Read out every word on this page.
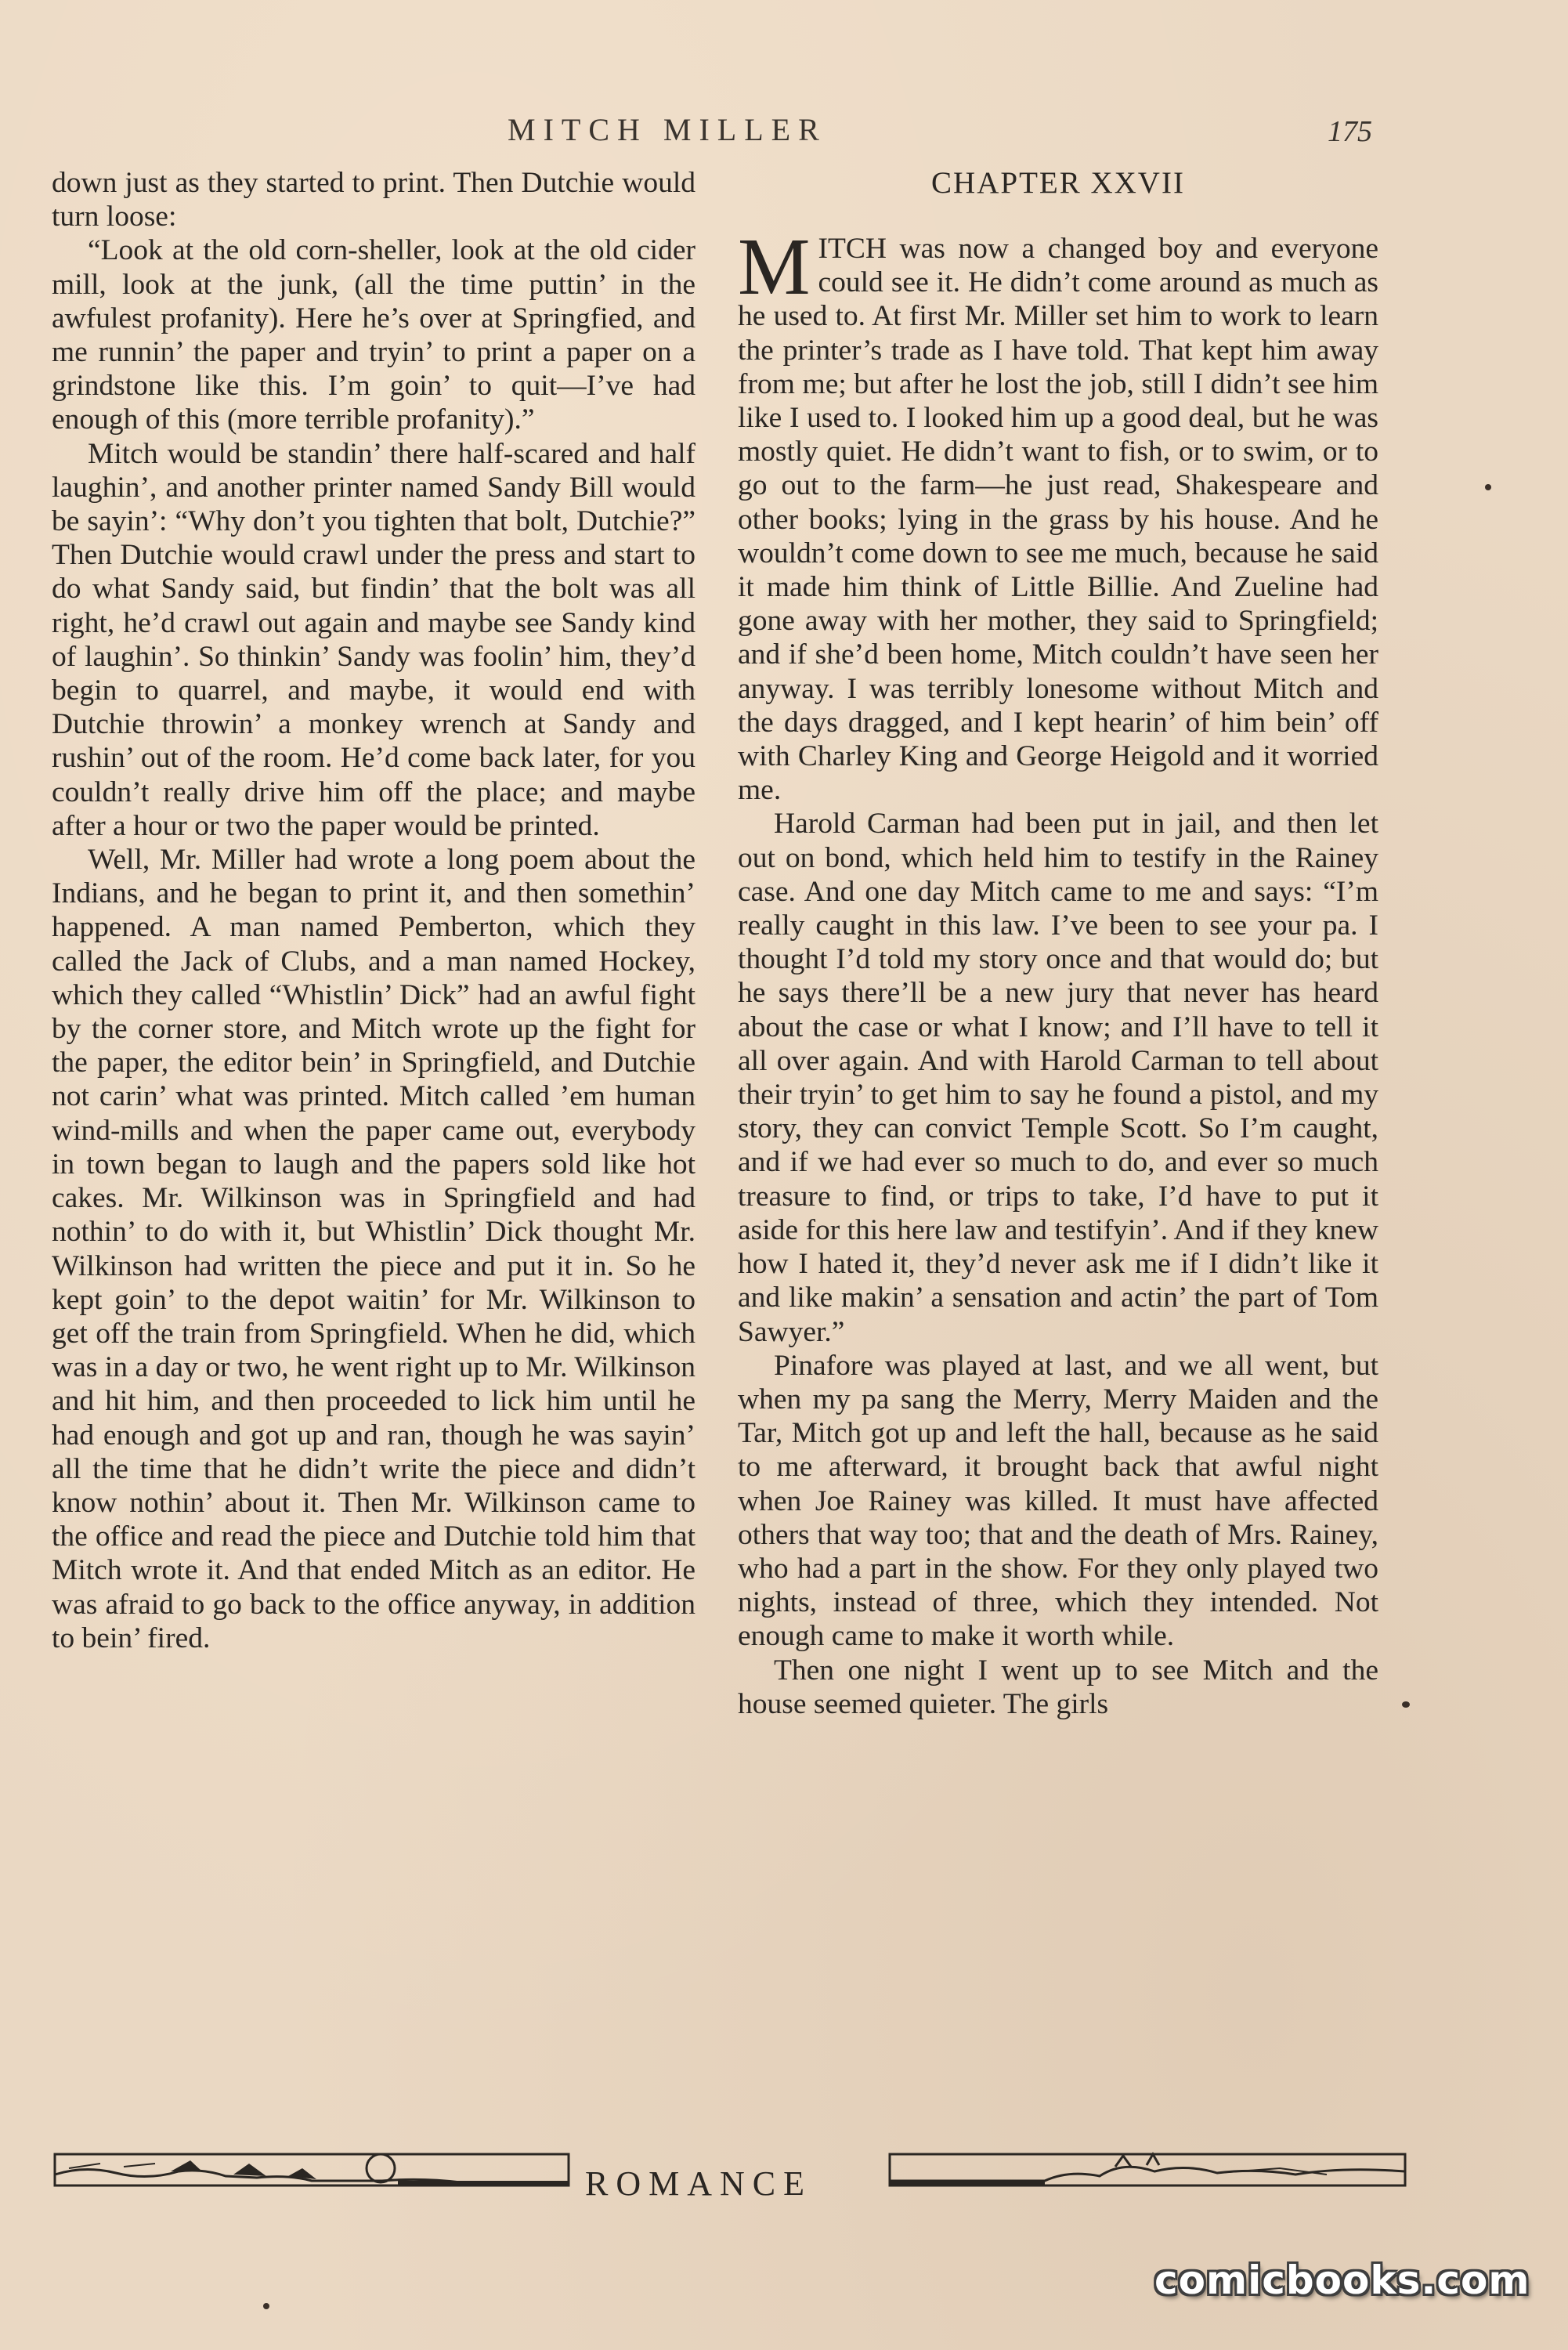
MITCH MILLER	175

down just as they started to print. Then Dutchie would turn loose:

“Look at the old corn-sheller, look at the old cider mill, look at the junk, (all the time puttin’ in the awfulest profanity). Here he’s over at Springfied, and me runnin’ the paper and tryin’ to print a paper on a grindstone like this. I’m goin’ to quit—I’ve had enough of this (more terrible profanity).”

Mitch would be standin’ there half-scared and half laughin’, and another printer named Sandy Bill would be sayin’: “Why don’t you tighten that bolt, Dutchie?” Then Dutchie would crawl under the press and start to do what Sandy said, but findin’ that the bolt was all right, he’d crawl out again and maybe see Sandy kind of laughin’. So thinkin’ Sandy was foolin’ him, they’d begin to quarrel, and maybe, it would end with Dutchie throwin’ a monkey wrench at Sandy and rushin’ out of the room. He’d come back later, for you couldn’t really drive him off the place; and maybe after a hour or two the paper would be printed.

Well, Mr. Miller had wrote a long poem about the Indians, and he began to print it, and then somethin’ happened. A man named Pemberton, which they called the Jack of Clubs, and a man named Hockey, which they called “Whistlin’ Dick” had an awful fight by the corner store, and Mitch wrote up the fight for the paper, the editor bein’ in Springfield, and Dutchie not carin’ what was printed. Mitch called ’em human wind-mills and when the paper came out, everybody in town began to laugh and the papers sold like hot cakes. Mr. Wilkinson was in Springfield and had nothin’ to do with it, but Whistlin’ Dick thought Mr. Wilkinson had written the piece and put it in. So he kept goin’ to the depot waitin’ for Mr. Wilkinson to get off the train from Springfield. When he did, which was in a day or two, he went right up to Mr. Wilkinson and hit him, and then proceeded to lick him until he had enough and got up and ran, though he was sayin’ all the time that he didn’t write the piece and didn’t know nothin’ about it. Then Mr. Wilkinson came to the office and read the piece and Dutchie told him that Mitch wrote it. And that ended Mitch as an editor. He was afraid to go back to the office anyway, in addition to bein’ fired.

CHAPTER XXVII

MITCH was now a changed boy and everyone could see it. He didn’t come around as much as he used to. At first Mr. Miller set him to work to learn the printer’s trade as I have told. That kept him away from me; but after he lost the job, still I didn’t see him like I used to. I looked him up a good deal, but he was mostly quiet. He didn’t want to fish, or to swim, or to go out to the farm—he just read, Shakespeare and other books; lying in the grass by his house. And he wouldn’t come down to see me much, because he said it made him think of Little Billie. And Zueline had gone away with her mother, they said to Springfield; and if she’d been home, Mitch couldn’t have seen her anyway. I was terribly lonesome without Mitch and the days dragged, and I kept hearin’ of him bein’ off with Charley King and George Heigold and it worried me.

Harold Carman had been put in jail, and then let out on bond, which held him to testify in the Rainey case. And one day Mitch came to me and says: “I’m really caught in this law. I’ve been to see your pa. I thought I’d told my story once and that would do; but he says there’ll be a new jury that never has heard about the case or what I know; and I’ll have to tell it all over again. And with Harold Carman to tell about their tryin’ to get him to say he found a pistol, and my story, they can convict Temple Scott. So I’m caught, and if we had ever so much to do, and ever so much treasure to find, or trips to take, I’d have to put it aside for this here law and testifyin’. And if they knew how I hated it, they’d never ask me if I didn’t like it and like makin’ a sensation and actin’ the part of Tom Sawyer.”

Pinafore was played at last, and we all went, but when my pa sang the Merry, Merry Maiden and the Tar, Mitch got up and left the hall, because as he said to me afterward, it brought back that awful night when Joe Rainey was killed. It must have affected others that way too; that and the death of Mrs. Rainey, who had a part in the show. For they only played two nights, instead of three, which they intended. Not enough came to make it worth while.

Then one night I went up to see Mitch and the house seemed quieter. The girls

ROMANCE
comicbooks.com
